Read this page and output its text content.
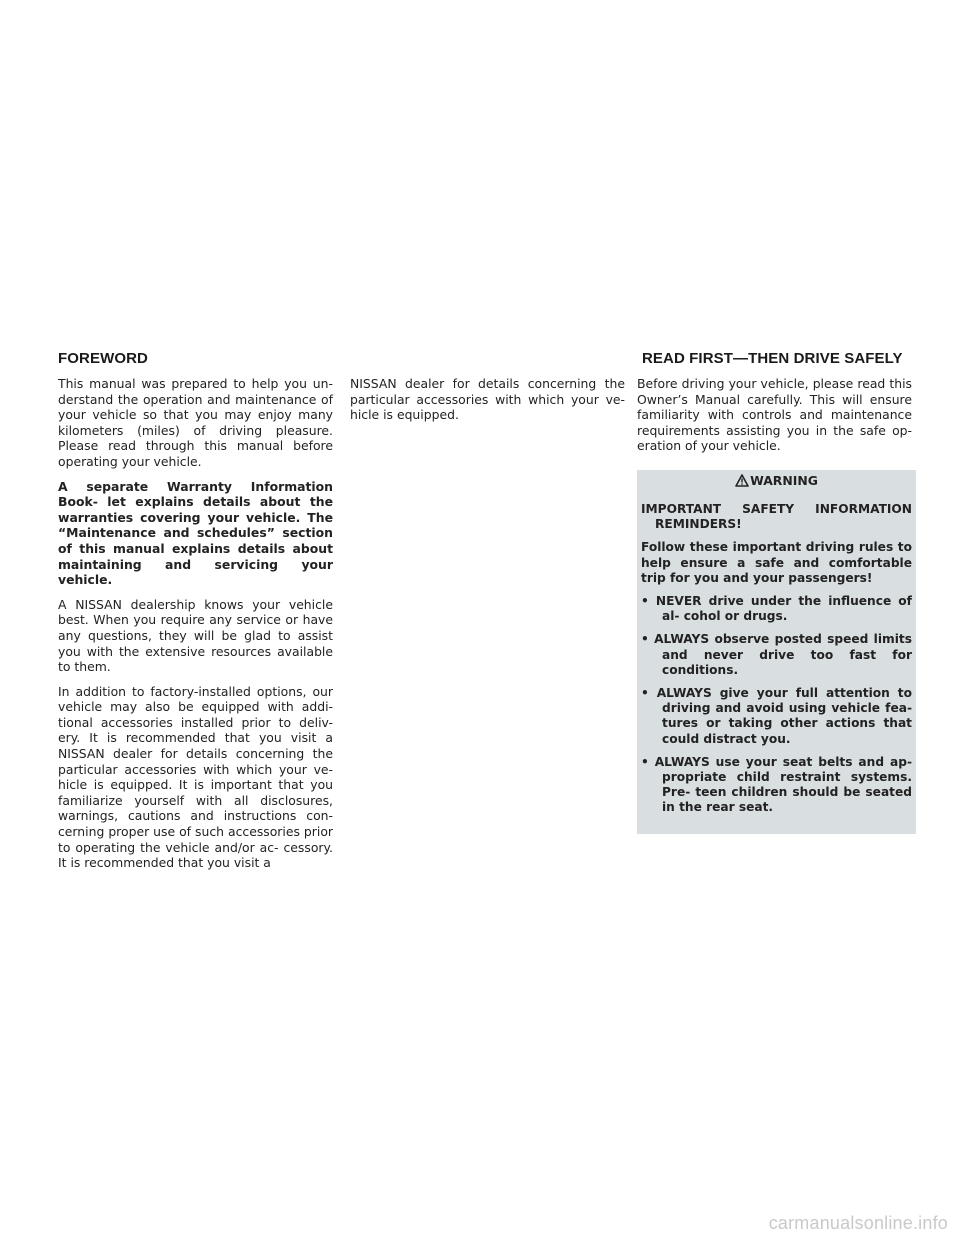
FOREWORD	READ FIRST—THEN DRIVE SAFELY

This manual was prepared to help you un- derstand the operation and maintenance of your vehicle so that you may enjoy many kilometers (miles) of driving pleasure. Please read through this manual before operating your vehicle.

A separate Warranty Information Book- let explains details about the warranties covering your vehicle. The “Maintenance and schedules” section of this manual explains details about maintaining and servicing your vehicle.

A NISSAN dealership knows your vehicle best. When you require any service or have any questions, they will be glad to assist you with the extensive resources available to them.

In addition to factory-installed options, our vehicle may also be equipped with addi- tional accessories installed prior to deliv- ery. It is recommended that you visit a NISSAN dealer for details concerning the particular accessories with which your ve- hicle is equipped. It is important that you familiarize yourself with all disclosures, warnings, cautions and instructions con- cerning proper use of such accessories prior to operating the vehicle and/or ac- cessory. It is recommended that you visit a

NISSAN dealer for details concerning the particular accessories with which your ve- hicle is equipped.

Before driving your vehicle, please read this Owner’s Manual carefully. This will ensure familiarity with controls and maintenance requirements assisting you in the safe op- eration of your vehicle.

WARNING

IMPORTANT SAFETY INFORMATION REMINDERS!

Follow these important driving rules to help ensure a safe and comfortable trip for you and your passengers!

• NEVER drive under the influence of al- cohol or drugs.
• ALWAYS observe posted speed limits and never drive too fast for conditions.
• ALWAYS give your full attention to driving and avoid using vehicle fea- tures or taking other actions that could distract you.
• ALWAYS use your seat belts and ap- propriate child restraint systems. Pre- teen children should be seated in the rear seat.
carmanualsonline.info
